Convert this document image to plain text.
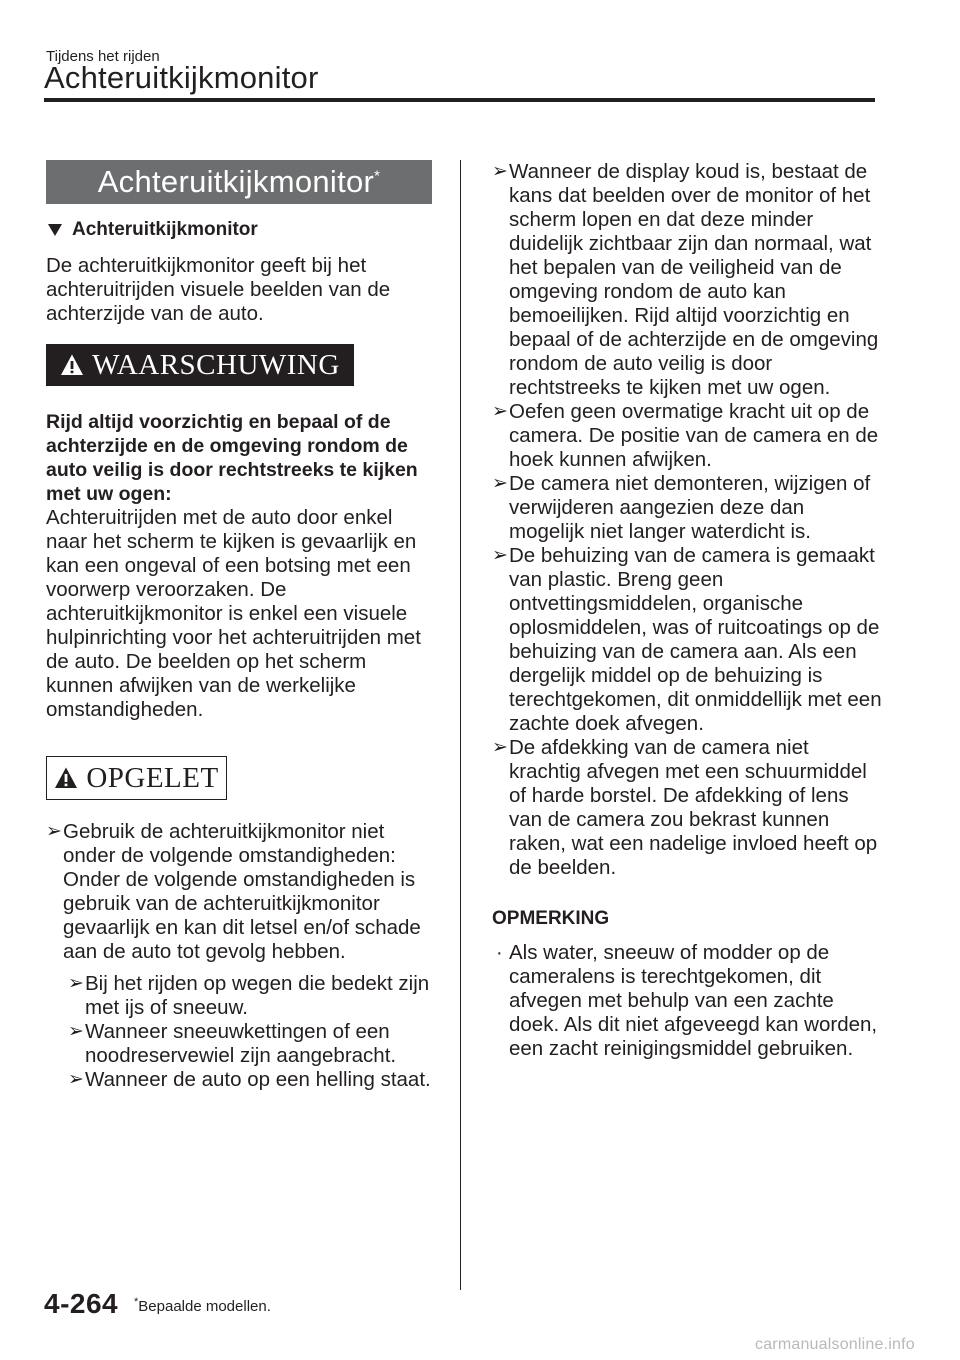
Tijdens het rijden
Achteruitkijkmonitor
Achteruitkijkmonitor*
Achteruitkijkmonitor

De achteruitkijkmonitor geeft bij het achteruitrijden visuele beelden van de achterzijde van de auto.

WAARSCHUWING

Rijd altijd voorzichtig en bepaal of de achterzijde en de omgeving rondom de auto veilig is door rechtstreeks te kijken met uw ogen:

Achteruitrijden met de auto door enkel naar het scherm te kijken is gevaarlijk en kan een ongeval of een botsing met een voorwerp veroorzaken. De achteruitkijkmonitor is enkel een visuele hulpinrichting voor het achteruitrijden met de auto. De beelden op het scherm kunnen afwijken van de werkelijke omstandigheden.

OPGELET
➢ Gebruik de achteruitkijkmonitor niet onder de volgende omstandigheden: Onder de volgende omstandigheden is gebruik van de achteruitkijkmonitor gevaarlijk en kan dit letsel en/of schade aan de auto tot gevolg hebben.
➢ Bij het rijden op wegen die bedekt zijn met ijs of sneeuw.
➢ Wanneer sneeuwkettingen of een noodreservewiel zijn aangebracht.
➢ Wanneer de auto op een helling staat.
➢ Wanneer de display koud is, bestaat de kans dat beelden over de monitor of het scherm lopen en dat deze minder duidelijk zichtbaar zijn dan normaal, wat het bepalen van de veiligheid van de omgeving rondom de auto kan bemoeilijken. Rijd altijd voorzichtig en bepaal of de achterzijde en de omgeving rondom de auto veilig is door rechtstreeks te kijken met uw ogen.
➢ Oefen geen overmatige kracht uit op de camera. De positie van de camera en de hoek kunnen afwijken.
➢ De camera niet demonteren, wijzigen of verwijderen aangezien deze dan mogelijk niet langer waterdicht is.
➢ De behuizing van de camera is gemaakt van plastic. Breng geen ontvettingsmiddelen, organische oplosmiddelen, was of ruitcoatings op de behuizing van de camera aan. Als een dergelijk middel op de behuizing is terechtgekomen, dit onmiddellijk met een zachte doek afvegen.
➢ De afdekking van de camera niet krachtig afvegen met een schuurmiddel of harde borstel. De afdekking of lens van de camera zou bekrast kunnen raken, wat een nadelige invloed heeft op de beelden.
OPMERKING
· Als water, sneeuw of modder op de cameralens is terechtgekomen, dit afvegen met behulp van een zachte doek. Als dit niet afgeveegd kan worden, een zacht reinigingsmiddel gebruiken.
4-264 *Bepaalde modellen.
carmanualsonline.info
